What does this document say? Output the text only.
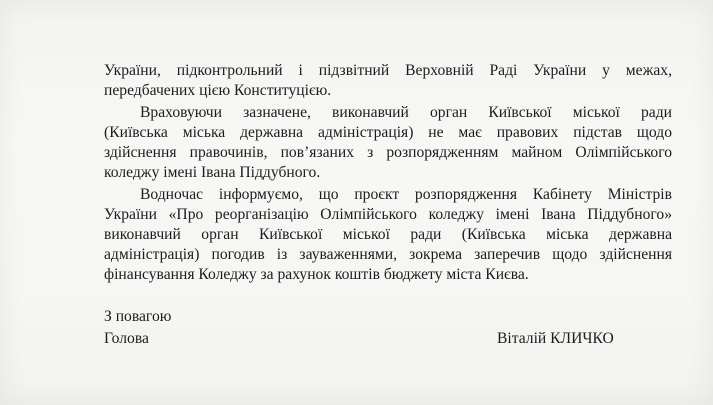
України, підконтрольний і підзвітний Верховній Раді України у межах,
передбачених цією Конституцією.
Враховуючи зазначене, виконавчий орган Київської міської ради
(Київська міська державна адміністрація) не має правових підстав щодо
здійснення правочинів, пов’язаних з розпорядженням майном Олімпійського
коледжу імені Івана Піддубного.
Водночас інформуємо, що проєкт розпорядження Кабінету Міністрів
України «Про реорганізацію Олімпійського коледжу імені Івана Піддубного»
виконавчий орган Київської міської ради (Київська міська державна
адміністрація) погодив із зауваженнями, зокрема заперечив щодо здійснення
фінансування Коледжу за рахунок коштів бюджету міста Києва.
З повагою
Голова	Віталій КЛИЧКО
